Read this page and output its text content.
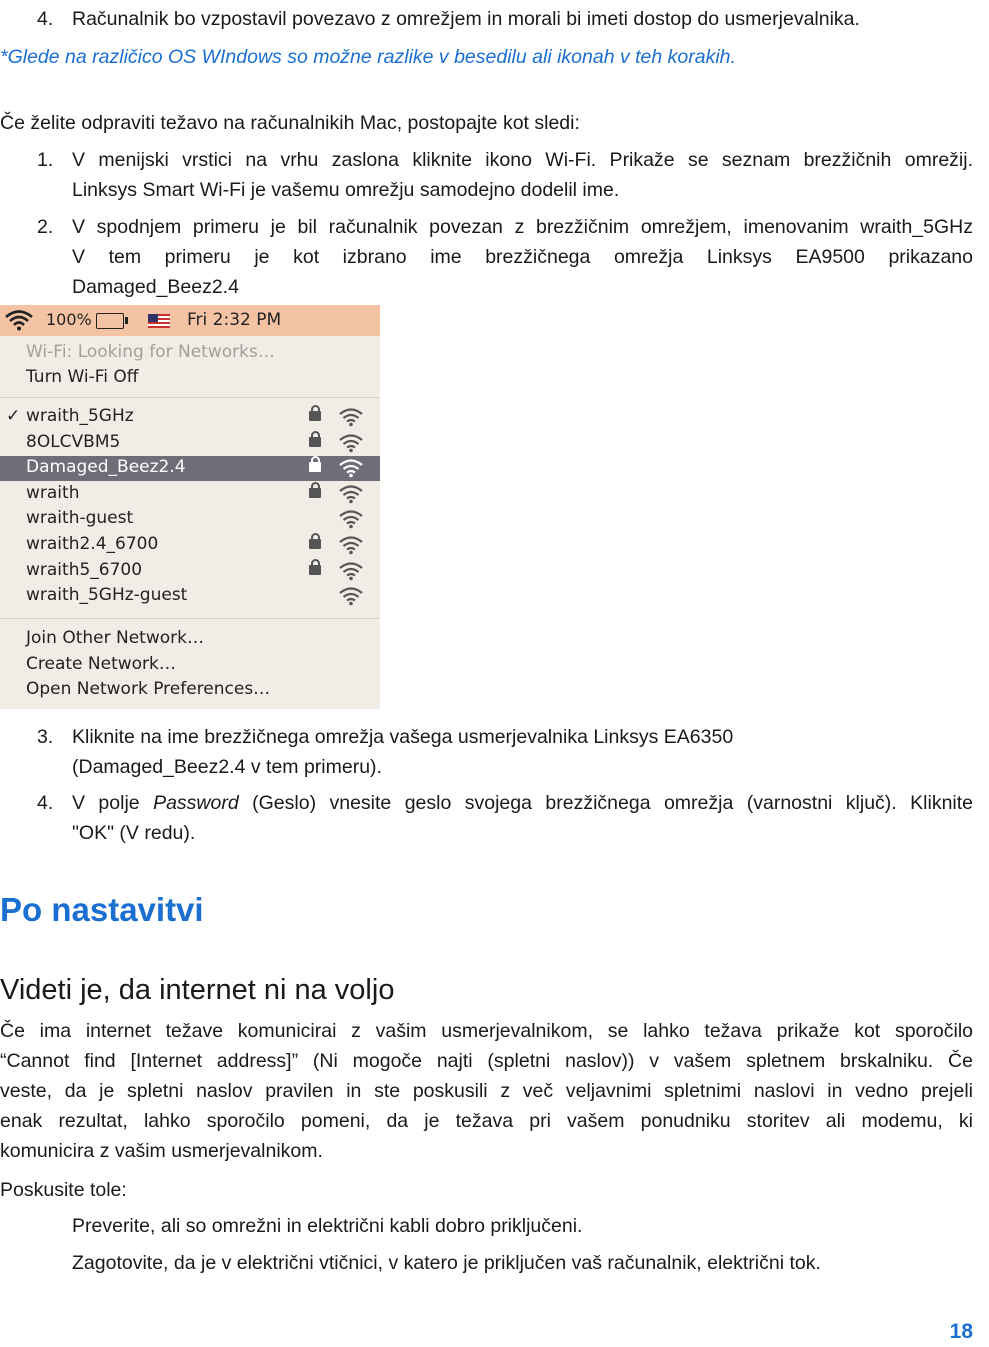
4. Računalnik bo vzpostavil povezavo z omrežjem in morali bi imeti dostop do usmerjevalnika.

*Glede na različico OS WIndows so možne razlike v besedilu ali ikonah v teh korakih.

Če želite odpraviti težavo na računalnikih Mac, postopajte kot sledi:

1. V menijski vrstici na vrhu zaslona kliknite ikono Wi-Fi. Prikaže se seznam brezžičnih omrežij.

Linksys Smart Wi-Fi je vašemu omrežju samodejno dodelil ime.

2. V spodnjem primeru je bil računalnik povezan z brezžičnim omrežjem, imenovanim wraith_5GHz

V tem primeru je kot izbrano ime brezžičnega omrežja Linksys EA9500 prikazano

Damaged_Beez2.4

100%	Fri 2:32 PM
Wi-Fi: Looking for Networks…
Turn Wi-Fi Off
✓ wraith_5GHz
8OLCVBM5
Damaged_Beez2.4
wraith
wraith-guest
wraith2.4_6700
wraith5_6700
wraith_5GHz-guest
Join Other Network…
Create Network…
Open Network Preferences…
3. Kliknite na ime brezžičnega omrežja vašega usmerjevalnika Linksys EA6350

(Damaged_Beez2.4 v tem primeru).

4. V polje Password (Geslo) vnesite geslo svojega brezžičnega omrežja (varnostni ključ). Kliknite

"OK" (V redu).

Po nastavitvi
Videti je, da internet ni na voljo

Če ima internet težave komunicirai z vašim usmerjevalnikom, se lahko težava prikaže kot sporočilo

“Cannot find [Internet address]” (Ni mogoče najti (spletni naslov)) v vašem spletnem brskalniku. Če

veste, da je spletni naslov pravilen in ste poskusili z več veljavnimi spletnimi naslovi in vedno prejeli

enak rezultat, lahko sporočilo pomeni, da je težava pri vašem ponudniku storitev ali modemu, ki

komunicira z vašim usmerjevalnikom.

Poskusite tole:

Preverite, ali so omrežni in električni kabli dobro priključeni.

Zagotovite, da je v električni vtičnici, v katero je priključen vaš računalnik, električni tok.

18
